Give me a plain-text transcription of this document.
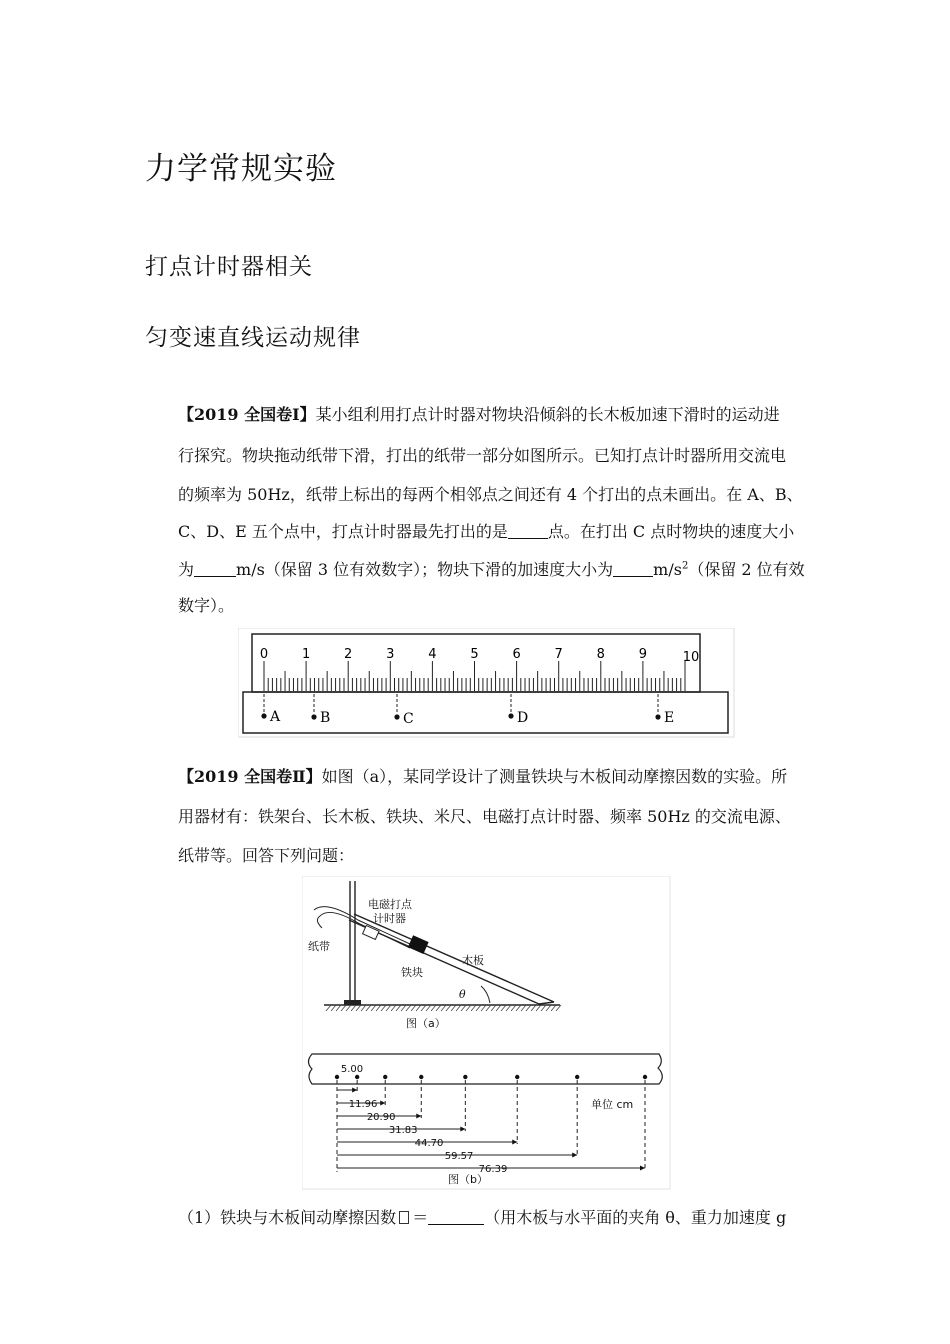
力学常规实验
打点计时器相关
匀变速直线运动规律
【2019 全国卷Ⅰ】某小组利用打点计时器对物块沿倾斜的长木板加速下滑时的运动进
行探究。物块拖动纸带下滑，打出的纸带一部分如图所示。已知打点计时器所用交流电
的频率为 50Hz，纸带上标出的每两个相邻点之间还有 4 个打出的点未画出。在 A、B、
C、D、E 五个点中，打点计时器最先打出的是	点。在打出 C 点时物块的速度大小
为	m/s（保留 3 位有效数字）；物块下滑的加速度大小为	$m/s^2$（保留 2 位有效
数字）。
0	1	2	3	4	5	6	7	8	9	10
A	B	C	D	E
【2019 全国卷Ⅱ】如图（a），某同学设计了测量铁块与木板间动摩擦因数的实验。所
用器材有：铁架台、长木板、铁块、米尺、电磁打点计时器、频率 50Hz 的交流电源、
纸带等。回答下列问题：
电磁打点
计时器
纸带
铁块
木板
θ
图（a）
5.00
11.96
20.90
31.83
44.70
59.57
76.39
单位 cm
图（b）
（1）铁块与木板间动摩擦因数 ＝	（用木板与水平面的夹角 θ、重力加速度 g
